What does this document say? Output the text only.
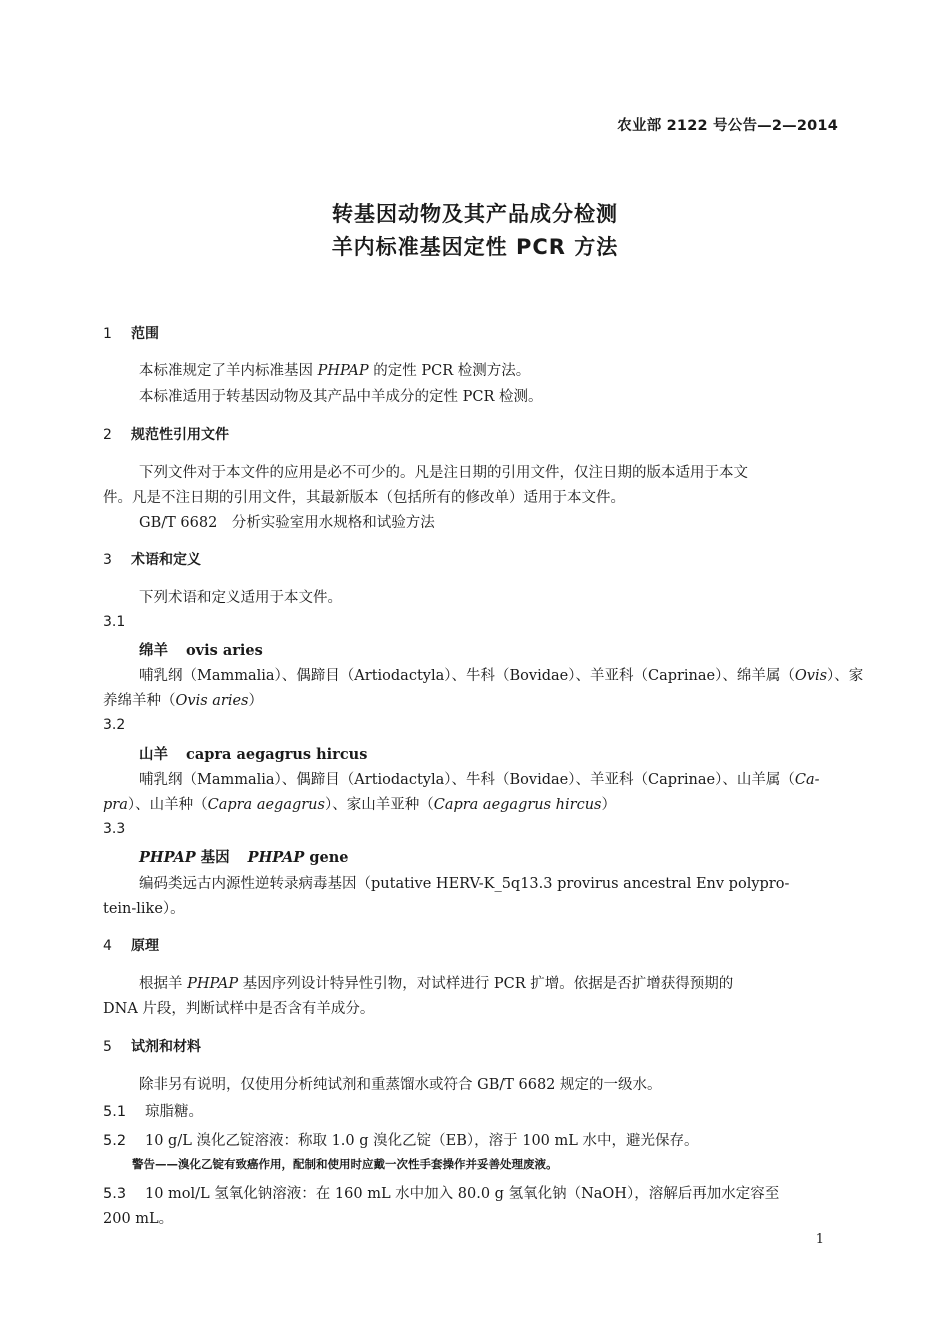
农业部 2122 号公告—2—2014
转基因动物及其产品成分检测
羊内标准基因定性 PCR 方法
1 范围
本标准规定了羊内标准基因 PHPAP 的定性 PCR 检测方法。
本标准适用于转基因动物及其产品中羊成分的定性 PCR 检测。
2 规范性引用文件
下列文件对于本文件的应用是必不可少的。凡是注日期的引用文件，仅注日期的版本适用于本文
件。凡是不注日期的引用文件，其最新版本（包括所有的修改单）适用于本文件。
GB/T 6682　分析实验室用水规格和试验方法
3 术语和定义
下列术语和定义适用于本文件。
3.1
绵羊 ovis aries
哺乳纲（Mammalia）、偶蹄目（Artiodactyla）、牛科（Bovidae）、羊亚科（Caprinae）、绵羊属（Ovis）、家
养绵羊种（Ovis aries）
3.2
山羊 capra aegagrus hircus
哺乳纲（Mammalia）、偶蹄目（Artiodactyla）、牛科（Bovidae）、羊亚科（Caprinae）、山羊属（Ca-
pra）、山羊种（Capra aegagrus）、家山羊亚种（Capra aegagrus hircus）
3.3
PHPAP 基因 PHPAP gene
编码类远古内源性逆转录病毒基因（putative HERV-K_5q13.3 provirus ancestral Env polypro-
tein-like）。
4 原理
根据羊 PHPAP 基因序列设计特异性引物，对试样进行 PCR 扩增。依据是否扩增获得预期的
DNA 片段，判断试样中是否含有羊成分。
5 试剂和材料
除非另有说明，仅使用分析纯试剂和重蒸馏水或符合 GB/T 6682 规定的一级水。
5.1 琼脂糖。
5.2 10 g/L 溴化乙锭溶液：称取 1.0 g 溴化乙锭（EB），溶于 100 mL 水中，避光保存。
警告——溴化乙锭有致癌作用，配制和使用时应戴一次性手套操作并妥善处理废液。
5.3 10 mol/L 氢氧化钠溶液：在 160 mL 水中加入 80.0 g 氢氧化钠（NaOH），溶解后再加水定容至
200 mL。
1
